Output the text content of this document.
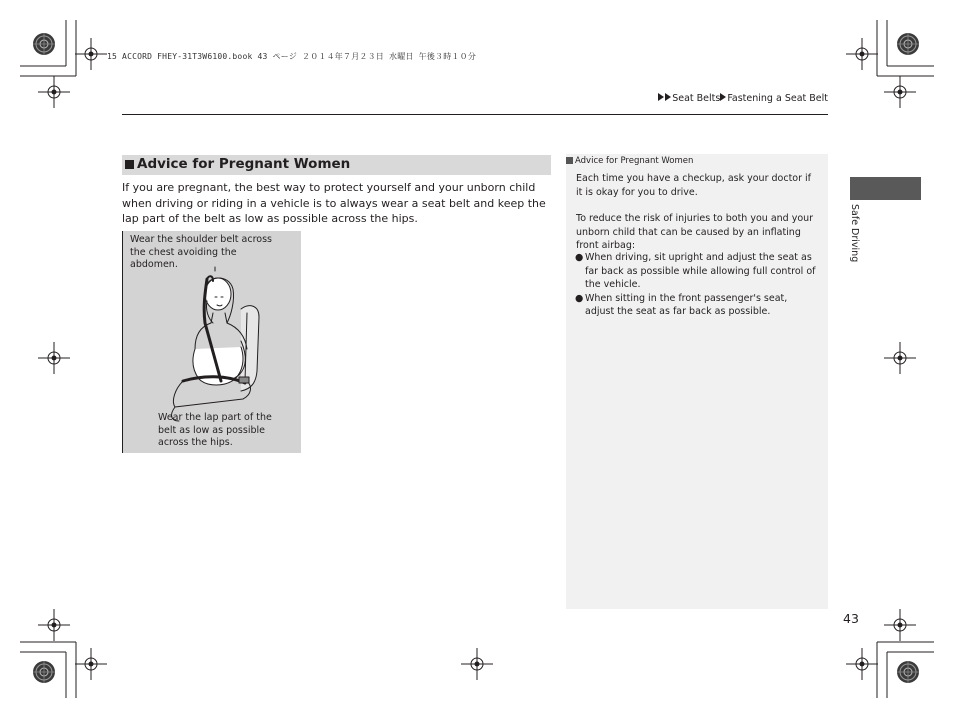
15 ACCORD FHEY-31T3W6100.book 43 ページ ２０１４年７月２３日 水曜日 午後３時１０分
Seat Belts Fastening a Seat Belt
Advice for Pregnant Women

If you are pregnant, the best way to protect yourself and your unborn child when driving or riding in a vehicle is to always wear a seat belt and keep the lap part of the belt as low as possible across the hips.

Wear the shoulder belt across the chest avoiding the abdomen.
Wear the lap part of the belt as low as possible across the hips.
Advice for Pregnant Women

Each time you have a checkup, ask your doctor if it is okay for you to drive.

To reduce the risk of injuries to both you and your unborn child that can be caused by an inflating front airbag:

● When driving, sit upright and adjust the seat as far back as possible while allowing full control of the vehicle.
● When sitting in the front passenger's seat, adjust the seat as far back as possible.
Safe Driving
43
